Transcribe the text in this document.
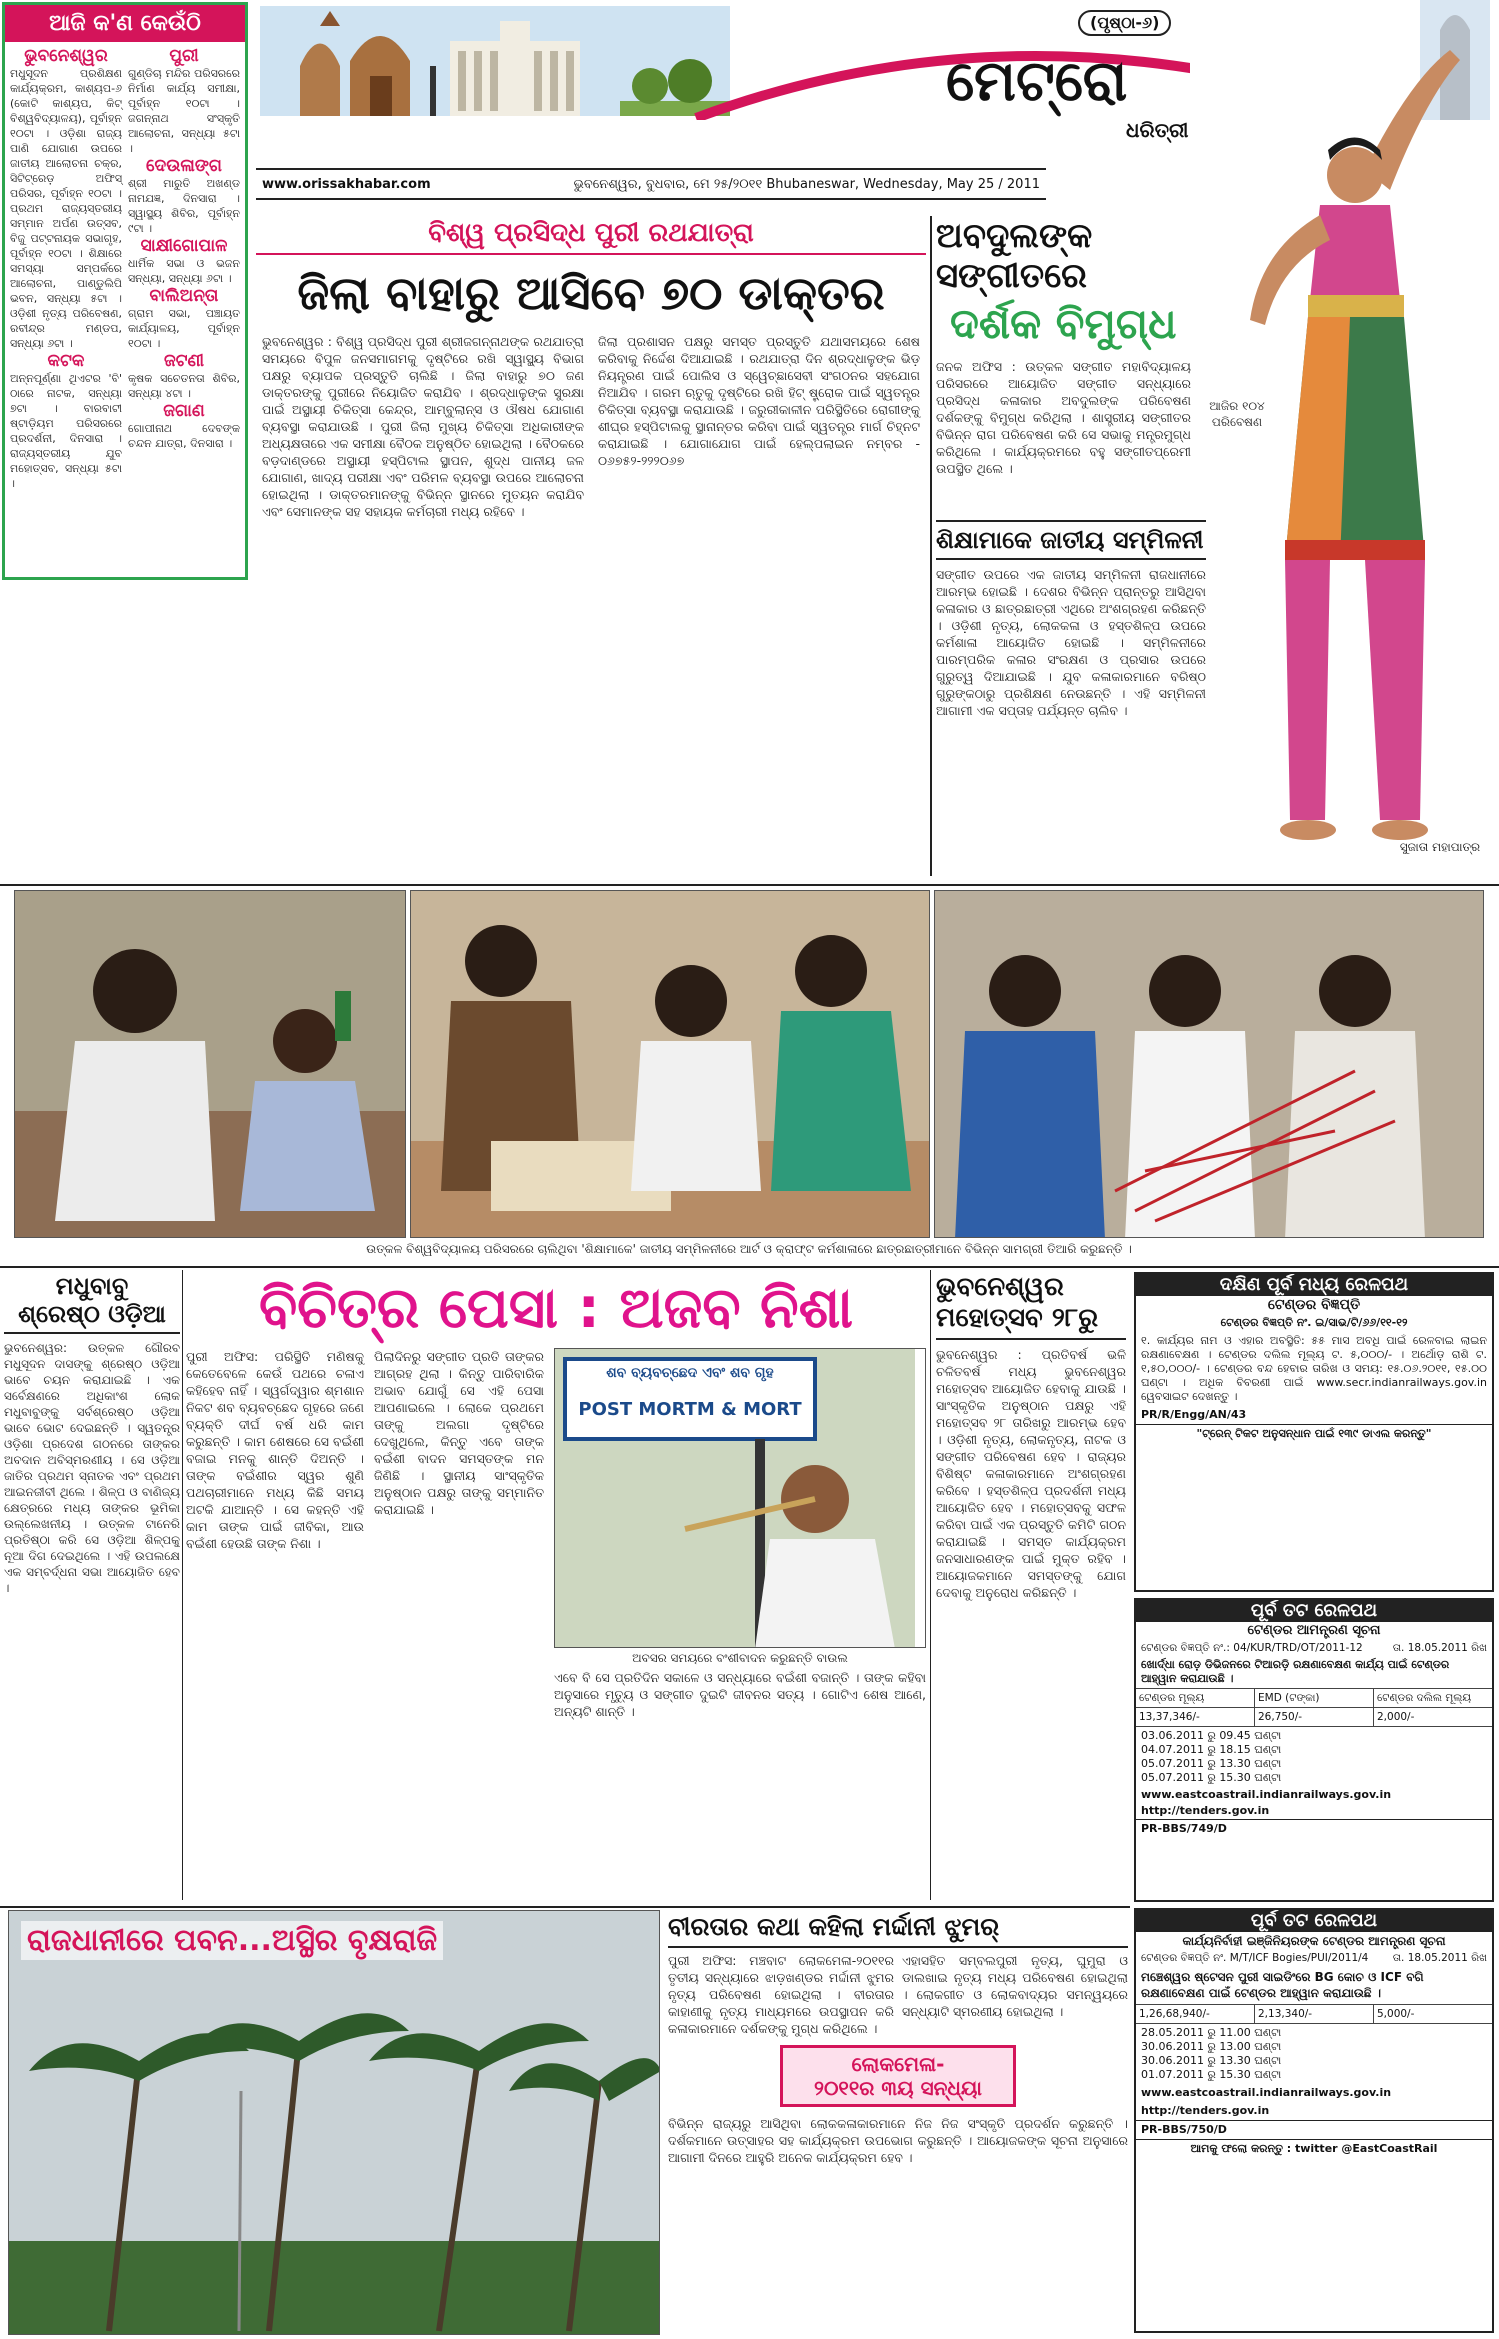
ଆଜି କ'ଣ କେଉଁଠି
ଭୁବନେଶ୍ୱର

ମଧୁସୂଦନ ପ୍ରଶିକ୍ଷଣ କାର୍ଯ୍ୟକ୍ରମ, କାଶ୍ୟପ-୬ (କୋଟି କାଶ୍ୟପ, କିଟ୍ ବିଶ୍ୱବିଦ୍ୟାଳୟ), ପୂର୍ବାହ୍ନ ୧୦ଟା । ଓଡ଼ିଶା ରାଜ୍ୟ ପାଣି ଯୋଗାଣ ଉପରେ ଜାତୀୟ ଆଲୋଚନା ଚକ୍ର, ସିଟିଟ୍ରେଡ଼ ଅଫିସ୍ ପରିସର, ପୂର୍ବାହ୍ନ ୧୦ଟା । ପ୍ରଥମ ରାଜ୍ୟସ୍ତରୀୟ ସମ୍ମାନ ଅର୍ପଣ ଉତ୍ସବ, ବିଜୁ ପଟ୍ଟନାୟକ ସଭାଗୃହ, ପୂର୍ବାହ୍ନ ୧୦ଟା । ଶିକ୍ଷାରେ ସମସ୍ୟା ସମ୍ପର୍କରେ ଆଲୋଚନା, ପାଣ୍ଡୁଲିପି ଭବନ, ସନ୍ଧ୍ୟା ୫ଟା । ଓଡ଼ିଶୀ ନୃତ୍ୟ ପରିବେଷଣ, ରବୀନ୍ଦ୍ର ମଣ୍ଡପ, ସନ୍ଧ୍ୟା ୬ଟା ।

କଟକ

ଅନ୍ନପୂର୍ଣ୍ଣା ଥିଏଟର 'ବି' ଠାରେ ନାଟକ, ସନ୍ଧ୍ୟା ୭ଟା । ବାରବାଟୀ ଷ୍ଟାଡ଼ିୟମ ପରିସରରେ ପ୍ରଦର୍ଶନୀ, ଦିନସାରା । ରାଜ୍ୟସ୍ତରୀୟ ଯୁବ ମହୋତ୍ସବ, ସନ୍ଧ୍ୟା ୫ଟା ।

ପୁରୀ

ଗୁଣ୍ଡିଚା ମନ୍ଦିର ପରିସରରେ ନିର୍ମାଣ କାର୍ଯ୍ୟ ସମୀକ୍ଷା, ପୂର୍ବାହ୍ନ ୧୦ଟା । ଜଗନ୍ନାଥ ସଂସ୍କୃତି ଆଲୋଚନା, ସନ୍ଧ୍ୟା ୫ଟା ।

ଦେଉଳାଙ୍ଗ

ଶ୍ରୀ ମାରୁତି ଅଖଣ୍ଡ ନାମଯଜ୍ଞ, ଦିନସାରା । ସ୍ୱାସ୍ଥ୍ୟ ଶିବିର, ପୂର୍ବାହ୍ନ ୯ଟା ।

ସାକ୍ଷୀଗୋପାଳ

ଧାର୍ମିକ ସଭା ଓ ଭଜନ ସନ୍ଧ୍ୟା, ସନ୍ଧ୍ୟା ୬ଟା ।

ବାଲିଅନ୍ତା

ଗ୍ରାମ ସଭା, ପଞ୍ଚାୟତ କାର୍ଯ୍ୟାଳୟ, ପୂର୍ବାହ୍ନ ୧୦ଟା ।

ଜଟଣୀ

କୃଷକ ସଚେତନତା ଶିବିର, ସନ୍ଧ୍ୟା ୪ଟା ।

ଜଗାଣ

ଗୋପୀନାଥ ଦେବଙ୍କ ଚନ୍ଦନ ଯାତ୍ରା, ଦିନସାରା ।

(ପୃଷ୍ଠା-୬)
ମେଟ୍ରୋ
ଧରିତ୍ରୀ
www.orissakhabar.com	ଭୁବନେଶ୍ୱର, ବୁଧବାର, ମେ ୨୫/୨୦୧୧ Bhubaneswar, Wednesday, May 25 / 2011
ବିଶ୍ୱ ପ୍ରସିଦ୍ଧ ପୁରୀ ରଥଯାତ୍ରା
ଜିଲା ବାହାରୁ ଆସିବେ ୭୦ ଡାକ୍ତର

ଭୁବନେଶ୍ୱର : ବିଶ୍ୱ ପ୍ରସିଦ୍ଧ ପୁରୀ ଶ୍ରୀଜଗନ୍ନାଥଙ୍କ ରଥଯାତ୍ରା ସମୟରେ ବିପୁଳ ଜନସମାଗମକୁ ଦୃଷ୍ଟିରେ ରଖି ସ୍ୱାସ୍ଥ୍ୟ ବିଭାଗ ପକ୍ଷରୁ ବ୍ୟାପକ ପ୍ରସ୍ତୁତି ଚାଲିଛି । ଜିଲା ବାହାରୁ ୭୦ ଜଣ ଡାକ୍ତରଙ୍କୁ ପୁରୀରେ ନିୟୋଜିତ କରାଯିବ । ଶ୍ରଦ୍ଧାଳୁଙ୍କ ସୁରକ୍ଷା ପାଇଁ ଅସ୍ଥାୟୀ ଚିକିତ୍ସା କେନ୍ଦ୍ର, ଆମ୍ବୁଲାନ୍ସ ଓ ଔଷଧ ଯୋଗାଣ ବ୍ୟବସ୍ଥା କରାଯାଉଛି । ପୁରୀ ଜିଲା ମୁଖ୍ୟ ଚିକିତ୍ସା ଅଧିକାରୀଙ୍କ ଅଧ୍ୟକ୍ଷତାରେ ଏକ ସମୀକ୍ଷା ବୈଠକ ଅନୁଷ୍ଠିତ ହୋଇଥିଲା । ବୈଠକରେ ବଡ଼ଦାଣ୍ଡରେ ଅସ୍ଥାୟୀ ହସ୍ପିଟାଲ ସ୍ଥାପନ, ଶୁଦ୍ଧ ପାନୀୟ ଜଳ ଯୋଗାଣ, ଖାଦ୍ୟ ପରୀକ୍ଷା ଏବଂ ପରିମଳ ବ୍ୟବସ୍ଥା ଉପରେ ଆଲୋଚନା ହୋଇଥିଲା । ଡାକ୍ତରମାନଙ୍କୁ ବିଭିନ୍ନ ସ୍ଥାନରେ ମୁତୟନ କରାଯିବ ଏବଂ ସେମାନଙ୍କ ସହ ସହାୟକ କର୍ମଚାରୀ ମଧ୍ୟ ରହିବେ ।

ଜିଲା ପ୍ରଶାସନ ପକ୍ଷରୁ ସମସ୍ତ ପ୍ରସ୍ତୁତି ଯଥାସମୟରେ ଶେଷ କରିବାକୁ ନିର୍ଦ୍ଦେଶ ଦିଆଯାଇଛି । ରଥଯାତ୍ରା ଦିନ ଶ୍ରଦ୍ଧାଳୁଙ୍କ ଭିଡ଼ ନିୟନ୍ତ୍ରଣ ପାଇଁ ପୋଲିସ ଓ ସ୍ୱେଚ୍ଛାସେବୀ ସଂଗଠନର ସହଯୋଗ ନିଆଯିବ । ଗରମ ଋତୁକୁ ଦୃଷ୍ଟିରେ ରଖି ହିଟ୍ ଷ୍ଟ୍ରୋକ ପାଇଁ ସ୍ୱତନ୍ତ୍ର ଚିକିତ୍ସା ବ୍ୟବସ୍ଥା କରାଯାଉଛି । ଜରୁରୀକାଳୀନ ପରିସ୍ଥିତିରେ ରୋଗୀଙ୍କୁ ଶୀଘ୍ର ହସ୍ପିଟାଲକୁ ସ୍ଥାନାନ୍ତର କରିବା ପାଇଁ ସ୍ୱତନ୍ତ୍ର ମାର୍ଗ ଚିହ୍ନଟ କରାଯାଇଛି । ଯୋଗାଯୋଗ ପାଇଁ ହେଲ୍ପଲାଇନ ନମ୍ବର - ୦୬୭୫୨-୨୨୨୦୬୭

ଅବଦୁଲଙ୍କ ସଙ୍ଗୀତରେ
ଦର୍ଶକ ବିମୁଗ୍ଧ

ଜନକ ଅଫିସ : ଉତ୍କଳ ସଙ୍ଗୀତ ମହାବିଦ୍ୟାଳୟ ପରିସରରେ ଆୟୋଜିତ ସଙ୍ଗୀତ ସନ୍ଧ୍ୟାରେ ପ୍ରସିଦ୍ଧ କଳାକାର ଅବଦୁଲଙ୍କ ପରିବେଷଣ ଦର୍ଶକଙ୍କୁ ବିମୁଗ୍ଧ କରିଥିଲା । ଶାସ୍ତ୍ରୀୟ ସଙ୍ଗୀତର ବିଭିନ୍ନ ରାଗ ପରିବେଷଣ କରି ସେ ସଭାକୁ ମନ୍ତ୍ରମୁଗ୍ଧ କରିଥିଲେ । କାର୍ଯ୍ୟକ୍ରମରେ ବହୁ ସଙ୍ଗୀତପ୍ରେମୀ ଉପସ୍ଥିତ ଥିଲେ ।

ଆଜିର ୧୦୪ ପରିବେଷଣ
ଶିକ୍ଷାମାକେ ଜାତୀୟ ସମ୍ମିଳନୀ

ସଙ୍ଗୀତ ଉପରେ ଏକ ଜାତୀୟ ସମ୍ମିଳନୀ ରାଜଧାନୀରେ ଆରମ୍ଭ ହୋଇଛି । ଦେଶର ବିଭିନ୍ନ ପ୍ରାନ୍ତରୁ ଆସିଥିବା କଳାକାର ଓ ଛାତ୍ରଛାତ୍ରୀ ଏଥିରେ ଅଂଶଗ୍ରହଣ କରିଛନ୍ତି । ଓଡ଼ିଶୀ ନୃତ୍ୟ, ଲୋକକଳା ଓ ହସ୍ତଶିଳ୍ପ ଉପରେ କର୍ମଶାଳା ଆୟୋଜିତ ହୋଇଛି । ସମ୍ମିଳନୀରେ ପାରମ୍ପରିକ କଳାର ସଂରକ୍ଷଣ ଓ ପ୍ରସାର ଉପରେ ଗୁରୁତ୍ୱ ଦିଆଯାଇଛି । ଯୁବ କଳାକାରମାନେ ବରିଷ୍ଠ ଗୁରୁଙ୍କଠାରୁ ପ୍ରଶିକ୍ଷଣ ନେଉଛନ୍ତି । ଏହି ସମ୍ମିଳନୀ ଆଗାମୀ ଏକ ସପ୍ତାହ ପର୍ଯ୍ୟନ୍ତ ଚାଲିବ ।

ସୁଜାତା ମହାପାତ୍ର
ଉତ୍କଳ ବିଶ୍ୱବିଦ୍ୟାଳୟ ପରିସରରେ ଚାଲିଥିବା 'ଶିକ୍ଷାମାକେ' ଜାତୀୟ ସମ୍ମିଳନୀରେ ଆର୍ଟ ଓ କ୍ରାଫ୍ଟ କର୍ମଶାଳାରେ ଛାତ୍ରଛାତ୍ରୀମାନେ ବିଭିନ୍ନ ସାମଗ୍ରୀ ତିଆରି କରୁଛନ୍ତି ।
ମଧୁବାବୁ
ଶ୍ରେଷ୍ଠ ଓଡ଼ିଆ

ଭୁବନେଶ୍ୱର: ଉତ୍କଳ ଗୌରବ ମଧୁସୂଦନ ଦାସଙ୍କୁ ଶ୍ରେଷ୍ଠ ଓଡ଼ିଆ ଭାବେ ଚୟନ କରାଯାଇଛି । ଏକ ସର୍ବେକ୍ଷଣରେ ଅଧିକାଂଶ ଲୋକ ମଧୁବାବୁଙ୍କୁ ସର୍ବଶ୍ରେଷ୍ଠ ଓଡ଼ିଆ ଭାବେ ଭୋଟ ଦେଇଛନ୍ତି । ସ୍ୱତନ୍ତ୍ର ଓଡ଼ିଶା ପ୍ରଦେଶ ଗଠନରେ ତାଙ୍କର ଅବଦାନ ଅବିସ୍ମରଣୀୟ । ସେ ଓଡ଼ିଆ ଜାତିର ପ୍ରଥମ ସ୍ନାତକ ଏବଂ ପ୍ରଥମ ଆଇନଜୀବୀ ଥିଲେ । ଶିଳ୍ପ ଓ ବାଣିଜ୍ୟ କ୍ଷେତ୍ରରେ ମଧ୍ୟ ତାଙ୍କର ଭୂମିକା ଉଲ୍ଲେଖନୀୟ । ଉତ୍କଳ ଟାନେରି ପ୍ରତିଷ୍ଠା କରି ସେ ଓଡ଼ିଆ ଶିଳ୍ପକୁ ନୂଆ ଦିଗ ଦେଇଥିଲେ । ଏହି ଉପଲକ୍ଷେ ଏକ ସମ୍ବର୍ଦ୍ଧନା ସଭା ଆୟୋଜିତ ହେବ ।

ବିଚିତ୍ର ପେସା : ଅଜବ ନିଶା

ପୁରୀ ଅଫିସ: ପରିସ୍ଥିତି ମଣିଷକୁ କେତେବେଳେ କେଉଁ ପଥରେ ଚଳାଏ କହିହେବ ନାହିଁ । ସ୍ୱର୍ଗଦ୍ୱାର ଶ୍ମଶାନ ନିକଟ ଶବ ବ୍ୟବଚ୍ଛେଦ ଗୃହରେ ଜଣେ ବ୍ୟକ୍ତି ଦୀର୍ଘ ବର୍ଷ ଧରି କାମ କରୁଛନ୍ତି । କାମ ଶେଷରେ ସେ ବଇଁଶୀ ବଜାଇ ମନକୁ ଶାନ୍ତି ଦିଅନ୍ତି । ତାଙ୍କ ବଇଁଶୀର ସ୍ୱର ଶୁଣି ପଥଚାରୀମାନେ ମଧ୍ୟ କିଛି ସମୟ ଅଟକି ଯାଆନ୍ତି । ସେ କହନ୍ତି ଏହି କାମ ତାଙ୍କ ପାଇଁ ଜୀବିକା, ଆଉ ବଇଁଶୀ ହେଉଛି ତାଙ୍କ ନିଶା ।

ପିଲାଦିନରୁ ସଙ୍ଗୀତ ପ୍ରତି ତାଙ୍କର ଆଗ୍ରହ ଥିଲା । କିନ୍ତୁ ପାରିବାରିକ ଅଭାବ ଯୋଗୁଁ ସେ ଏହି ପେସା ଆପଣାଇଲେ । ଲୋକେ ପ୍ରଥମେ ତାଙ୍କୁ ଅଲଗା ଦୃଷ୍ଟିରେ ଦେଖୁଥିଲେ, କିନ୍ତୁ ଏବେ ତାଙ୍କ ବଇଁଶୀ ବାଦନ ସମସ୍ତଙ୍କ ମନ ଜିଣିଛି । ସ୍ଥାନୀୟ ସାଂସ୍କୃତିକ ଅନୁଷ୍ଠାନ ପକ୍ଷରୁ ତାଙ୍କୁ ସମ୍ମାନିତ କରାଯାଇଛି ।

ଶବ ବ୍ୟବଚ୍ଛେଦ ଏବଂ ଶବ ଗୃହ
POST MORTM & MORT
ଅବସର ସମୟରେ ବଂଶୀବାଦନ କରୁଛନ୍ତି ବାଉଲ

ଏବେ ବି ସେ ପ୍ରତିଦିନ ସକାଳେ ଓ ସନ୍ଧ୍ୟାରେ ବଇଁଶୀ ବଜାନ୍ତି । ତାଙ୍କ କହିବା ଅନୁସାରେ ମୃତ୍ୟୁ ଓ ସଙ୍ଗୀତ ଦୁଇଟି ଜୀବନର ସତ୍ୟ । ଗୋଟିଏ ଶେଷ ଆଣେ, ଅନ୍ୟଟି ଶାନ୍ତି ।

ଭୁବନେଶ୍ୱର
ମହୋତ୍ସବ ୨୮ରୁ

ଭୁବନେଶ୍ୱର : ପ୍ରତିବର୍ଷ ଭଳି ଚଳିତବର୍ଷ ମଧ୍ୟ ଭୁବନେଶ୍ୱର ମହୋତ୍ସବ ଆୟୋଜିତ ହେବାକୁ ଯାଉଛି । ସାଂସ୍କୃତିକ ଅନୁଷ୍ଠାନ ପକ୍ଷରୁ ଏହି ମହୋତ୍ସବ ୨୮ ତାରିଖରୁ ଆରମ୍ଭ ହେବ । ଓଡ଼ିଶୀ ନୃତ୍ୟ, ଲୋକନୃତ୍ୟ, ନାଟକ ଓ ସଙ୍ଗୀତ ପରିବେଷଣ ହେବ । ରାଜ୍ୟର ବିଶିଷ୍ଟ କଳାକାରମାନେ ଅଂଶଗ୍ରହଣ କରିବେ । ହସ୍ତଶିଳ୍ପ ପ୍ରଦର୍ଶନୀ ମଧ୍ୟ ଆୟୋଜିତ ହେବ । ମହୋତ୍ସବକୁ ସଫଳ କରିବା ପାଇଁ ଏକ ପ୍ରସ୍ତୁତି କମିଟି ଗଠନ କରାଯାଇଛି । ସମସ୍ତ କାର୍ଯ୍ୟକ୍ରମ ଜନସାଧାରଣଙ୍କ ପାଇଁ ମୁକ୍ତ ରହିବ । ଆୟୋଜକମାନେ ସମସ୍ତଙ୍କୁ ଯୋଗ ଦେବାକୁ ଅନୁରୋଧ କରିଛନ୍ତି ।

ଦକ୍ଷିଣ ପୂର୍ବ ମଧ୍ୟ ରେଳପଥ
ଟେଣ୍ଡର ବିଜ୍ଞପ୍ତି
ଟେଣ୍ଡର ବିଜ୍ଞପ୍ତି ନଂ. ଇ/ସାଭ/ଟି/୬୬/୧୧-୧୨

୧. କାର୍ଯ୍ୟର ନାମ ଓ ଏହାର ଅବସ୍ଥିତି: ୫୫ ମାସ ଅବଧି ପାଇଁ ରେଳବାଇ ଲାଇନ ରକ୍ଷଣାବେକ୍ଷଣ । ଟେଣ୍ଡର ଦଲିଲ ମୂଲ୍ୟ ଟ. ୫,୦୦୦/- । ଅର୍ଥୋଡ଼ ରାଶି ଟ. ୧,୫୦,୦୦୦/- । ଟେଣ୍ଡର ବନ୍ଦ ହେବାର ତାରିଖ ଓ ସମୟ: ୧୫.୦୬.୨୦୧୧, ୧୫.୦୦ ଘଣ୍ଟା । ଅଧିକ ବିବରଣୀ ପାଇଁ www.secr.indianrailways.gov.in ୱେବସାଇଟ ଦେଖନ୍ତୁ ।

PR/R/Engg/AN/43
"ଟ୍ରେନ୍ ଟିକଟ ଅନୁସନ୍ଧାନ ପାଇଁ ୧୩୯ ଡାଏଲ କରନ୍ତୁ"
ପୂର୍ବ ତଟ ରେଳପଥ
ଟେଣ୍ଡର ଆମନ୍ତ୍ରଣ ସୂଚନା
ଟେଣ୍ଡର ବିଜ୍ଞପ୍ତି ନଂ.: 04/KUR/TRD/OT/2011-12	ତା. 18.05.2011 ରିଖ

ଖୋର୍ଦ୍ଧା ରୋଡ଼ ଡିଭିଜନରେ ଟିଆରଡ଼ି ରକ୍ଷଣାବେକ୍ଷଣ କାର୍ଯ୍ୟ ପାଇଁ ଟେଣ୍ଡର ଆହ୍ୱାନ କରାଯାଉଛି ।

ଟେଣ୍ଡର ମୂଲ୍ୟ	EMD (ଟଙ୍କା)	ଟେଣ୍ଡର ଦଲିଲ ମୂଲ୍ୟ
13,37,346/-	26,750/-	2,000/-
03.06.2011 ରୁ 09.45 ଘଣ୍ଟା
04.07.2011 ରୁ 18.15 ଘଣ୍ଟା
05.07.2011 ରୁ 13.30 ଘଣ୍ଟା
05.07.2011 ରୁ 15.30 ଘଣ୍ଟା
www.eastcoastrail.indianrailways.gov.in
http://tenders.gov.in
PR-BBS/749/D
ରାଜଧାନୀରେ ପବନ...ଅସ୍ଥିର ବୃକ୍ଷରାଜି	ବୀରତାର କଥା କହିଲା ମର୍ଦ୍ଦାନୀ ଝୁମର୍

ପୁରୀ ଅଫିସ: ମଞ୍ଚବାଟ ଲୋକମେଳା-୨୦୧୧ର ତୃତୀୟ ସନ୍ଧ୍ୟାରେ ଝାଡ଼ଖଣ୍ଡର ମର୍ଦ୍ଦାନୀ ଝୁମର ନୃତ୍ୟ ପରିବେଷଣ ହୋଇଥିଲା । ବୀରତାର କାହାଣୀକୁ ନୃତ୍ୟ ମାଧ୍ୟମରେ ଉପସ୍ଥାପନ କରି କଳାକାରମାନେ ଦର୍ଶକଙ୍କୁ ମୁଗ୍ଧ କରିଥିଲେ ।

ଏହାସହିତ ସମ୍ବଲପୁରୀ ନୃତ୍ୟ, ଘୁମୁରା ଓ ଡାଲଖାଇ ନୃତ୍ୟ ମଧ୍ୟ ପରିବେଷଣ ହୋଇଥିଲା । ଲୋକଗୀତ ଓ ଲୋକବାଦ୍ୟର ସମନ୍ୱୟରେ ସନ୍ଧ୍ୟାଟି ସ୍ମରଣୀୟ ହୋଇଥିଲା ।

ଲୋକମେଳା-
୨୦୧୧ର ୩ୟ ସନ୍ଧ୍ୟା

ବିଭିନ୍ନ ରାଜ୍ୟରୁ ଆସିଥିବା ଲୋକକଳାକାରମାନେ ନିଜ ନିଜ ସଂସ୍କୃତି ପ୍ରଦର୍ଶନ କରୁଛନ୍ତି । ଦର୍ଶକମାନେ ଉତ୍ସାହର ସହ କାର୍ଯ୍ୟକ୍ରମ ଉପଭୋଗ କରୁଛନ୍ତି । ଆୟୋଜକଙ୍କ ସୂଚନା ଅନୁସାରେ ଆଗାମୀ ଦିନରେ ଆହୁରି ଅନେକ କାର୍ଯ୍ୟକ୍ରମ ହେବ ।

ପୂର୍ବ ତଟ ରେଳପଥ
କାର୍ଯ୍ୟନିର୍ବାହୀ ଇଞ୍ଜିନିୟରଙ୍କ ଟେଣ୍ଡର ଆମନ୍ତ୍ରଣ ସୂଚନା
ଟେଣ୍ଡର ବିଜ୍ଞପ୍ତି ନଂ. M/T/ICF Bogies/PUI/2011/4 ତା. 18.05.2011 ରିଖ

ମଞ୍ଚେଶ୍ୱର ଷ୍ଟେସନ ପୁରୀ ସାଇଡିଂରେ BG କୋଚ ଓ ICF ବଗି ରକ୍ଷଣାବେକ୍ଷଣ ପାଇଁ ଟେଣ୍ଡର ଆହ୍ୱାନ କରାଯାଉଛି ।

1,26,68,940/-	2,13,340/-	5,000/-
28.05.2011 ରୁ 11.00 ଘଣ୍ଟା
30.06.2011 ରୁ 13.00 ଘଣ୍ଟା
30.06.2011 ରୁ 13.30 ଘଣ୍ଟା
01.07.2011 ରୁ 15.30 ଘଣ୍ଟା
www.eastcoastrail.indianrailways.gov.in
http://tenders.gov.in
PR-BBS/750/D
ଆମକୁ ଫଲୋ କରନ୍ତୁ : twitter @EastCoastRail
